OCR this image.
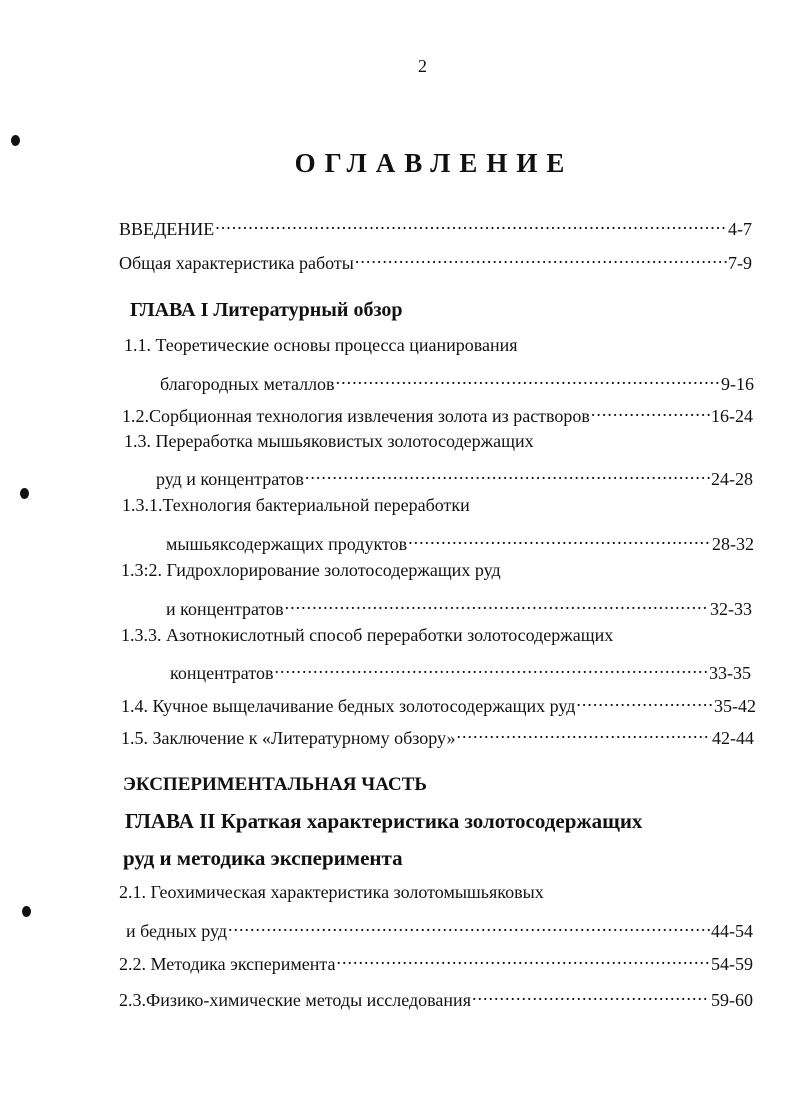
2
ОГЛАВЛЕНИЕ
ВВЕДЕНИЕ .....	4-7
Общая характеристика работы .....	7-9
ГЛАВА I Литературный обзор
1.1. Теоретические основы процесса цианирования
благородных металлов .....	9-16
1.2.Сорбционная технология извлечения золота из растворов .....	16-24
1.3. Переработка мышьяковистых золотосодержащих
руд и концентратов .....	24-28
1.3.1.Технология бактериальной переработки
мышьяксодержащих продуктов .....	28-32
1.3:2. Гидрохлорирование золотосодержащих руд
и концентратов .....	32-33
1.3.3. Азотнокислотный способ переработки золотосодержащих
концентратов .....	33-35
1.4. Кучное выщелачивание бедных золотосодержащих руд .....	35-42
1.5. Заключение к «Литературному обзору» .....	42-44
ЭКСПЕРИМЕНТАЛЬНАЯ ЧАСТЬ
ГЛАВА II Краткая характеристика золотосодержащих
руд и методика эксперимента
2.1. Геохимическая характеристика золотомышьяковых
и бедных руд .....	44-54
2.2. Методика эксперимента .....	54-59
2.3.Физико-химические методы исследования .....	59-60
